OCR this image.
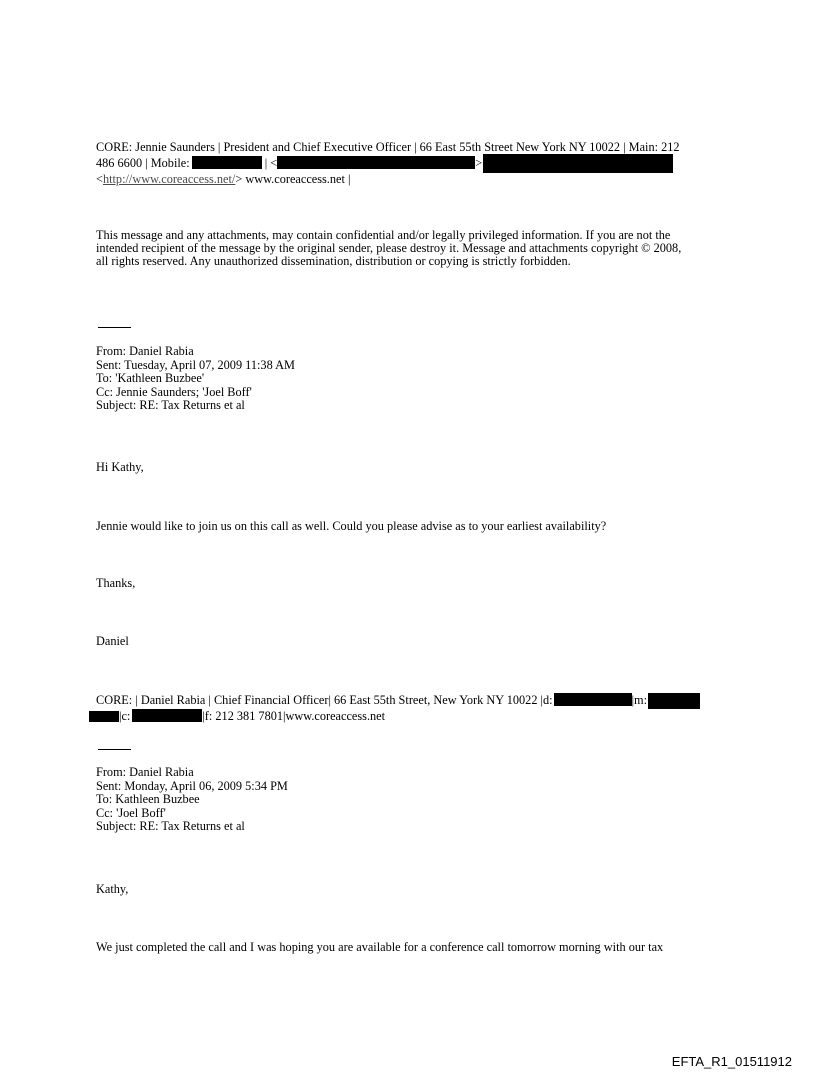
CORE: Jennie Saunders | President and Chief Executive Officer | 66 East 55th Street New York NY 10022 | Main: 212
486 6600 | Mobile:	| <	>
<http://www.coreaccess.net/> www.coreaccess.net |
This message and any attachments, may contain confidential and/or legally privileged information. If you are not the
intended recipient of the message by the original sender, please destroy it. Message and attachments copyright © 2008,
all rights reserved. Any unauthorized dissemination, distribution or copying is strictly forbidden.
From: Daniel Rabia
Sent: Tuesday, April 07, 2009 11:38 AM
To: 'Kathleen Buzbee'
Cc: Jennie Saunders; 'Joel Boff'
Subject: RE: Tax Returns et al
Hi Kathy,
Jennie would like to join us on this call as well. Could you please advise as to your earliest availability?
Thanks,
Daniel
CORE: | Daniel Rabia | Chief Financial Officer| 66 East 55th Street, New York NY 10022 |d:	|m:
|c:	|f: 212 381 7801|www.coreaccess.net
From: Daniel Rabia
Sent: Monday, April 06, 2009 5:34 PM
To: Kathleen Buzbee
Cc: 'Joel Boff'
Subject: RE: Tax Returns et al
Kathy,
We just completed the call and I was hoping you are available for a conference call tomorrow morning with our tax
EFTA_R1_01511912
